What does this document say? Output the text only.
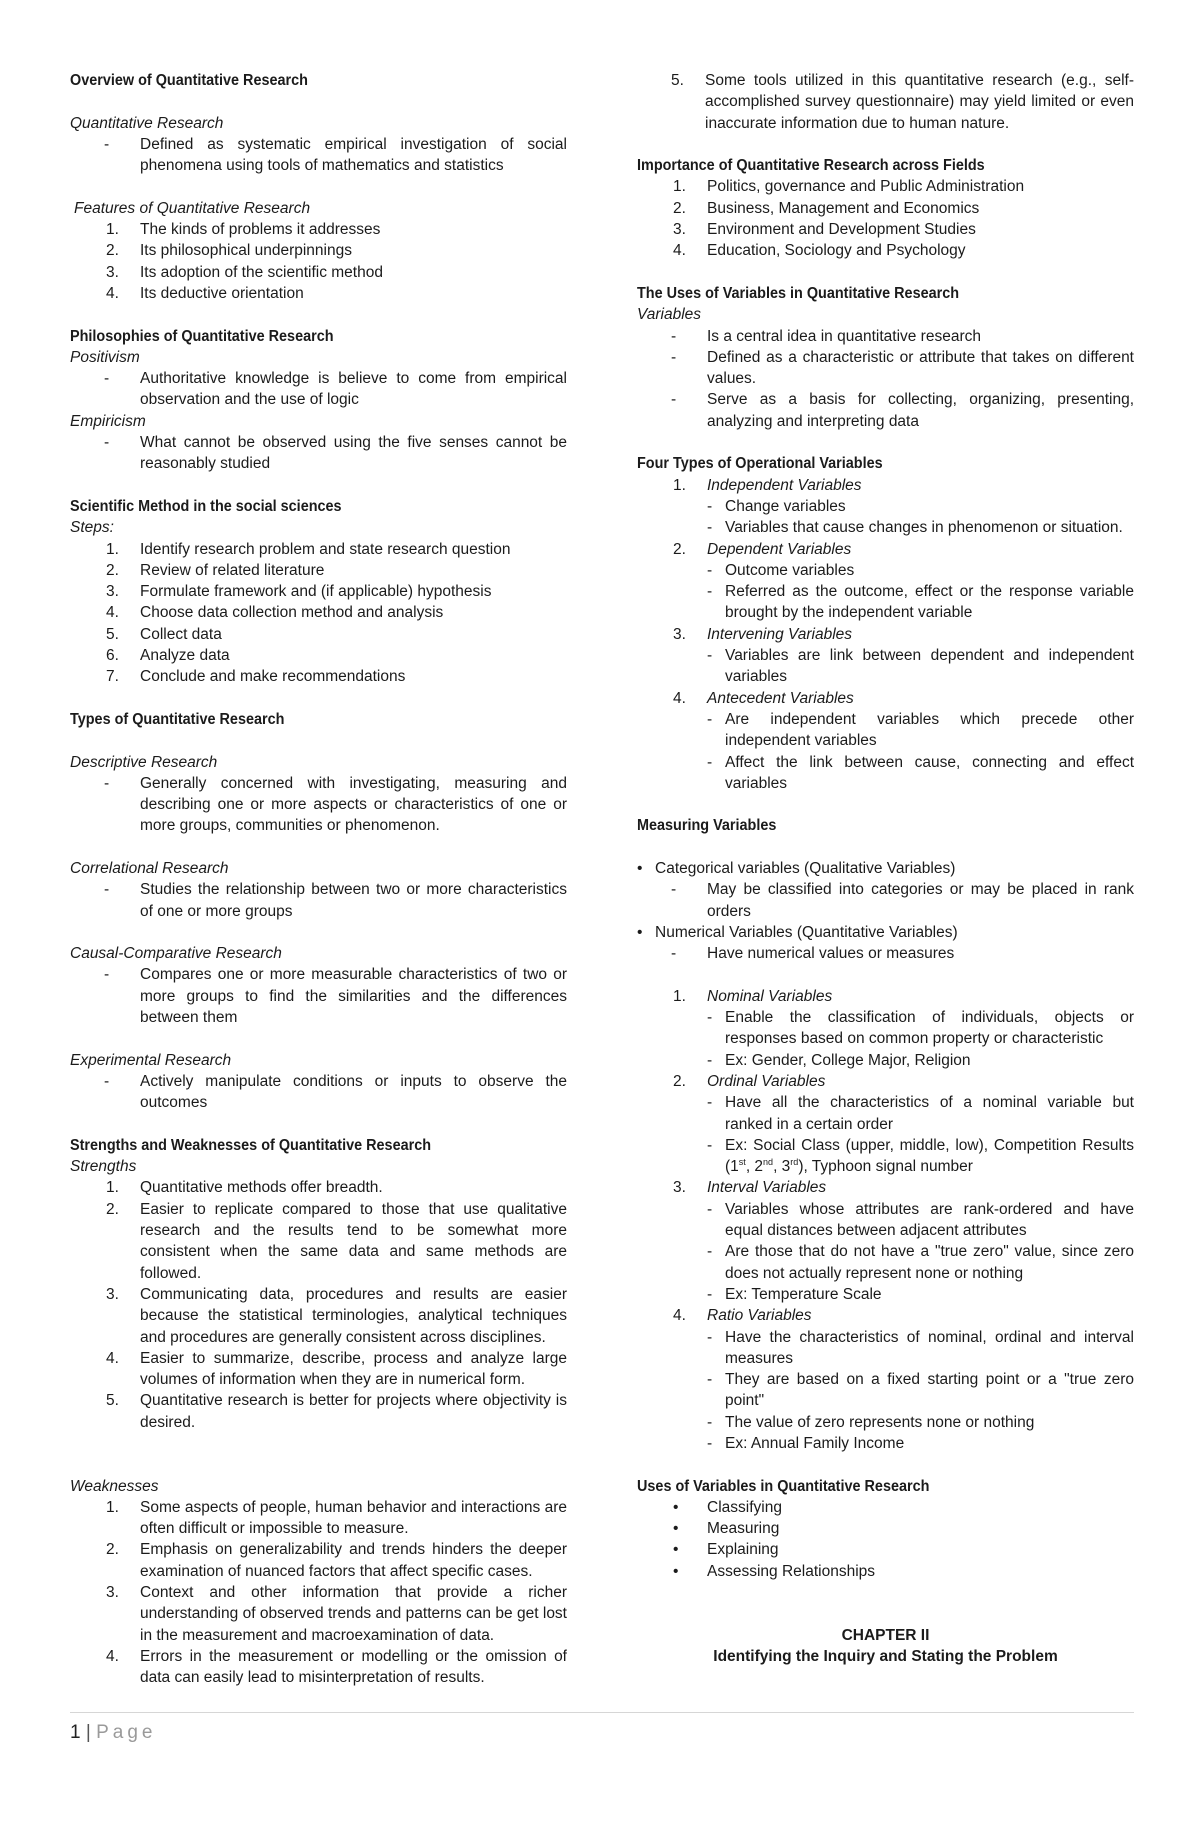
Overview of Quantitative Research

Quantitative Research

-	Defined as systematic empirical investigation of social phenomena using tools of mathematics and statistics

Features of Quantitative Research

1.	The kinds of problems it addresses
2.	Its philosophical underpinnings
3.	Its adoption of the scientific method
4.	Its deductive orientation

Philosophies of Quantitative Research

Positivism

-	Authoritative knowledge is believe to come from empirical observation and the use of logic

Empiricism

-	What cannot be observed using the five senses cannot be reasonably studied

Scientific Method in the social sciences

Steps:

1.	Identify research problem and state research question
2.	Review of related literature
3.	Formulate framework and (if applicable) hypothesis
4.	Choose data collection method and analysis
5.	Collect data
6.	Analyze data
7.	Conclude and make recommendations

Types of Quantitative Research

Descriptive Research

-	Generally concerned with investigating, measuring and describing one or more aspects or characteristics of one or more groups, communities or phenomenon.

Correlational Research

-	Studies the relationship between two or more characteristics of one or more groups

Causal-Comparative Research

-	Compares one or more measurable characteristics of two or more groups to find the similarities and the differences between them

Experimental Research

-	Actively manipulate conditions or inputs to observe the outcomes

Strengths and Weaknesses of Quantitative Research

Strengths

1.	Quantitative methods offer breadth.
2.	Easier to replicate compared to those that use qualitative research and the results tend to be somewhat more consistent when the same data and same methods are followed.
3.	Communicating data, procedures and results are easier because the statistical terminologies, analytical techniques and procedures are generally consistent across disciplines.
4.	Easier to summarize, describe, process and analyze large volumes of information when they are in numerical form.
5.	Quantitative research is better for projects where objectivity is desired.

Weaknesses

1.	Some aspects of people, human behavior and interactions are often difficult or impossible to measure.
2.	Emphasis on generalizability and trends hinders the deeper examination of nuanced factors that affect specific cases.
3.	Context and other information that provide a richer understanding of observed trends and patterns can be get lost in the measurement and macroexamination of data.
4.	Errors in the measurement or modelling or the omission of data can easily lead to misinterpretation of results.
5.	Some tools utilized in this quantitative research (e.g., self-accomplished survey questionnaire) may yield limited or even inaccurate information due to human nature.

Importance of Quantitative Research across Fields

1.	Politics, governance and Public Administration
2.	Business, Management and Economics
3.	Environment and Development Studies
4.	Education, Sociology and Psychology

The Uses of Variables in Quantitative Research

Variables

-	Is a central idea in quantitative research
-	Defined as a characteristic or attribute that takes on different values.
-	Serve as a basis for collecting, organizing, presenting, analyzing and interpreting data

Four Types of Operational Variables

1.	Independent Variables
- Change variables
- Variables that cause changes in phenomenon or situation.
2.	Dependent Variables
- Outcome variables
- Referred as the outcome, effect or the response variable brought by the independent variable
3.	Intervening Variables
- Variables are link between dependent and independent variables
4.	Antecedent Variables
- Are independent variables which precede other independent variables
- Affect the link between cause, connecting and effect variables

Measuring Variables

• Categorical variables (Qualitative Variables)
-	May be classified into categories or may be placed in rank orders
• Numerical Variables (Quantitative Variables)
-	Have numerical values or measures
1.	Nominal Variables
- Enable the classification of individuals, objects or responses based on common property or characteristic
- Ex: Gender, College Major, Religion
2.	Ordinal Variables
- Have all the characteristics of a nominal variable but ranked in a certain order
- Ex: Social Class (upper, middle, low), Competition Results (1st, 2nd, 3rd), Typhoon signal number
3.	Interval Variables
- Variables whose attributes are rank-ordered and have equal distances between adjacent attributes
- Are those that do not have a "true zero" value, since zero does not actually represent none or nothing
- Ex: Temperature Scale
4.	Ratio Variables
- Have the characteristics of nominal, ordinal and interval measures
- They are based on a fixed starting point or a "true zero point"
- The value of zero represents none or nothing
- Ex: Annual Family Income

Uses of Variables in Quantitative Research

•	Classifying
•	Measuring
•	Explaining
•	Assessing Relationships

CHAPTER II

Identifying the Inquiry and Stating the Problem

1 | Page
